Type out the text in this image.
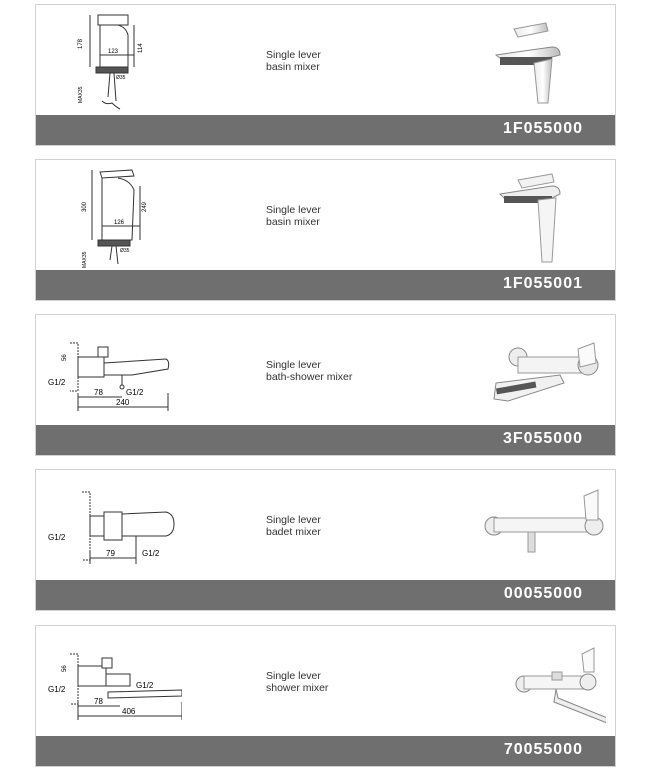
178
123	114
MAX35
Ø35
Single lever
basin mixer
1F055000
300
126
249
MAX35
Ø35
Single lever
basin mixer
1F055001
56
G1/2
78	G1/2
240
Single lever
bath-shower mixer
3F055000
G1/2
79	G1/2
Single lever
badet mixer
00055000
56
G1/2
78
G1/2
406
Single lever
shower mixer
70055000
